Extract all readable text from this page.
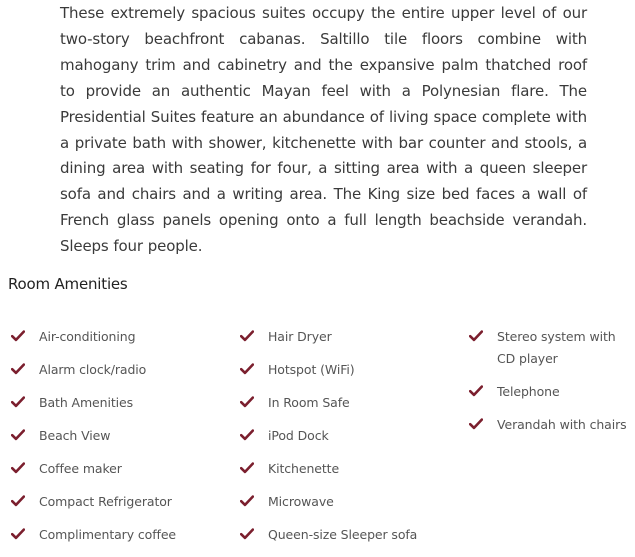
These extremely spacious suites occupy the entire upper level of our two-story beachfront cabanas. Saltillo tile floors combine with mahogany trim and cabinetry and the expansive palm thatched roof to provide an authentic Mayan feel with a Polynesian flare. The Presidential Suites feature an abundance of living space complete with a private bath with shower, kitchenette with bar counter and stools, a dining area with seating for four, a sitting area with a queen sleeper sofa and chairs and a writing area. The King size bed faces a wall of French glass panels opening onto a full length beachside verandah. Sleeps four people.

Room Amenities
Air-conditioning
Alarm clock/radio
Bath Amenities
Beach View
Coffee maker
Compact Refrigerator
Complimentary coffee
Hair Dryer
Hotspot (WiFi)
In Room Safe
iPod Dock
Kitchenette
Microwave
Queen-size Sleeper sofa
Stereo system with CD player
Telephone
Verandah with chairs
